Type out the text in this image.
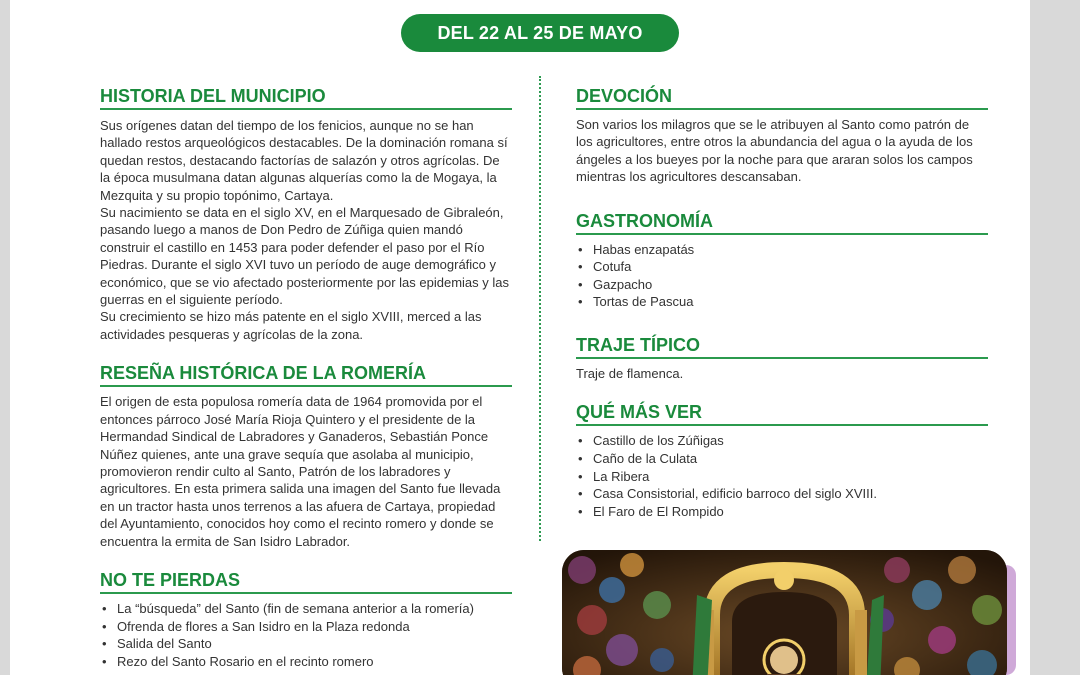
DEL 22 AL 25 DE MAYO
HISTORIA DEL MUNICIPIO

Sus orígenes datan del tiempo de los fenicios, aunque no se han hallado restos arqueológicos destacables. De la dominación romana sí quedan restos, destacando factorías de salazón y otros agrícolas. De la época musulmana datan algunas alquerías como la de Mogaya, la Mezquita y su propio topónimo, Cartaya.

Su nacimiento se data en el siglo XV, en el Marquesado de Gibraleón, pasando luego a manos de Don Pedro de Zúñiga quien mandó construir el castillo en 1453 para poder defender el paso por el Río Piedras. Durante el siglo XVI tuvo un período de auge demográfico y económico, que se vio afectado posteriormente por las epidemias y las guerras en el siguiente período.

Su crecimiento se hizo más patente en el siglo XVIII, merced a las actividades pesqueras y agrícolas de la zona.

RESEÑA HISTÓRICA DE LA ROMERÍA

El origen de esta populosa romería data de 1964 promovida por el entonces párroco José María Rioja Quintero y el presidente de la Hermandad Sindical de Labradores y Ganaderos, Sebastián Ponce Núñez quienes, ante una grave sequía que asolaba al municipio, promovieron rendir culto al Santo, Patrón de los labradores y agricultores. En esta primera salida una imagen del Santo fue llevada en un tractor hasta unos terrenos a las afuera de Cartaya, propiedad del Ayuntamiento, conocidos hoy como el recinto romero y donde se encuentra la ermita de San Isidro Labrador.

NO TE PIERDAS
• La “búsqueda” del Santo (fin de semana anterior a la romería)
• Ofrenda de flores a San Isidro en la Plaza redonda
• Salida del Santo
• Rezo del Santo Rosario en el recinto romero
DEVOCIÓN

Son varios los milagros que se le atribuyen al Santo como patrón de los agricultores, entre otros la abundancia del agua o la ayuda de los ángeles a los bueyes por la noche para que araran solos los campos mientras los agricultores descansaban.

GASTRONOMÍA
• Habas enzapatás
• Cotufa
• Gazpacho
• Tortas de Pascua
TRAJE TÍPICO

Traje de flamenca.

QUÉ MÁS VER
• Castillo de los Zúñigas
• Caño de la Culata
• La Ribera
• Casa Consistorial, edificio barroco del siglo XVIII.
• El Faro de El Rompido
